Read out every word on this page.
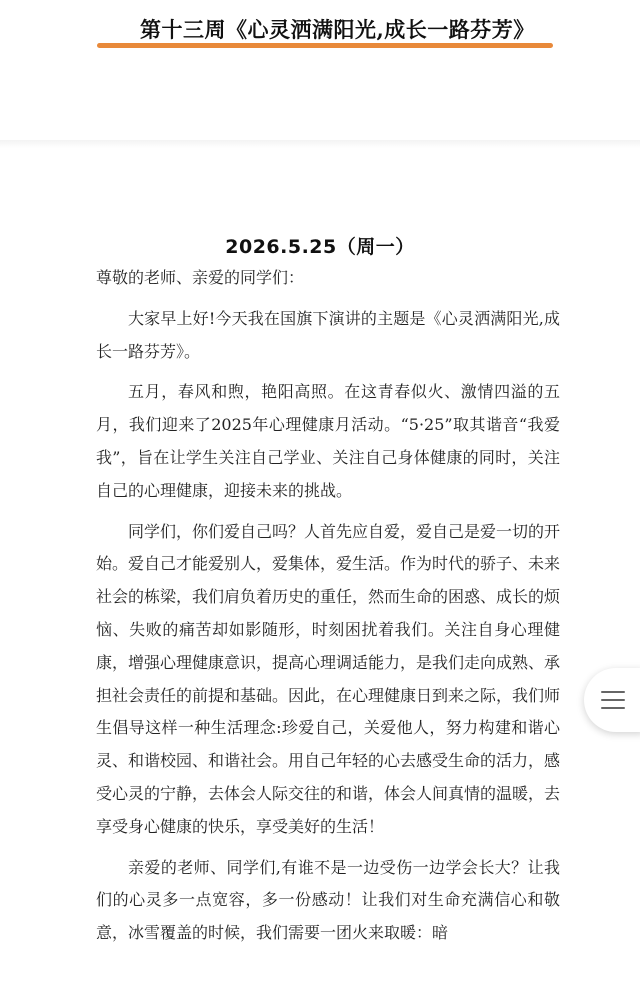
第十三周《心灵洒满阳光,成长一路芬芳》
2026.5.25（周一）

尊敬的老师、亲爱的同学们：

大家早上好!今天我在国旗下演讲的主题是《心灵洒满阳光,成长一路芬芳》。

五月，春风和煦，艳阳高照。在这青春似火、激情四溢的五月，我们迎来了2025年心理健康月活动。“5·25”取其谐音“我爱我”，旨在让学生关注自己学业、关注自己身体健康的同时，关注自己的心理健康，迎接未来的挑战。

同学们，你们爱自己吗？人首先应自爱，爱自己是爱一切的开始。爱自己才能爱别人，爱集体，爱生活。作为时代的骄子、未来社会的栋梁，我们肩负着历史的重任，然而生命的困惑、成长的烦恼、失败的痛苦却如影随形，时刻困扰着我们。关注自身心理健康，增强心理健康意识，提高心理调适能力，是我们走向成熟、承担社会责任的前提和基础。因此，在心理健康日到来之际，我们师生倡导这样一种生活理念:珍爱自己，关爱他人，努力构建和谐心灵、和谐校园、和谐社会。用自己年轻的心去感受生命的活力，感受心灵的宁静，去体会人际交往的和谐，体会人间真情的温暖，去享受身心健康的快乐，享受美好的生活！

亲爱的老师、同学们,有谁不是一边受伤一边学会长大？让我们的心灵多一点宽容，多一份感动！让我们对生命充满信心和敬意，冰雪覆盖的时候，我们需要一团火来取暖：暗
